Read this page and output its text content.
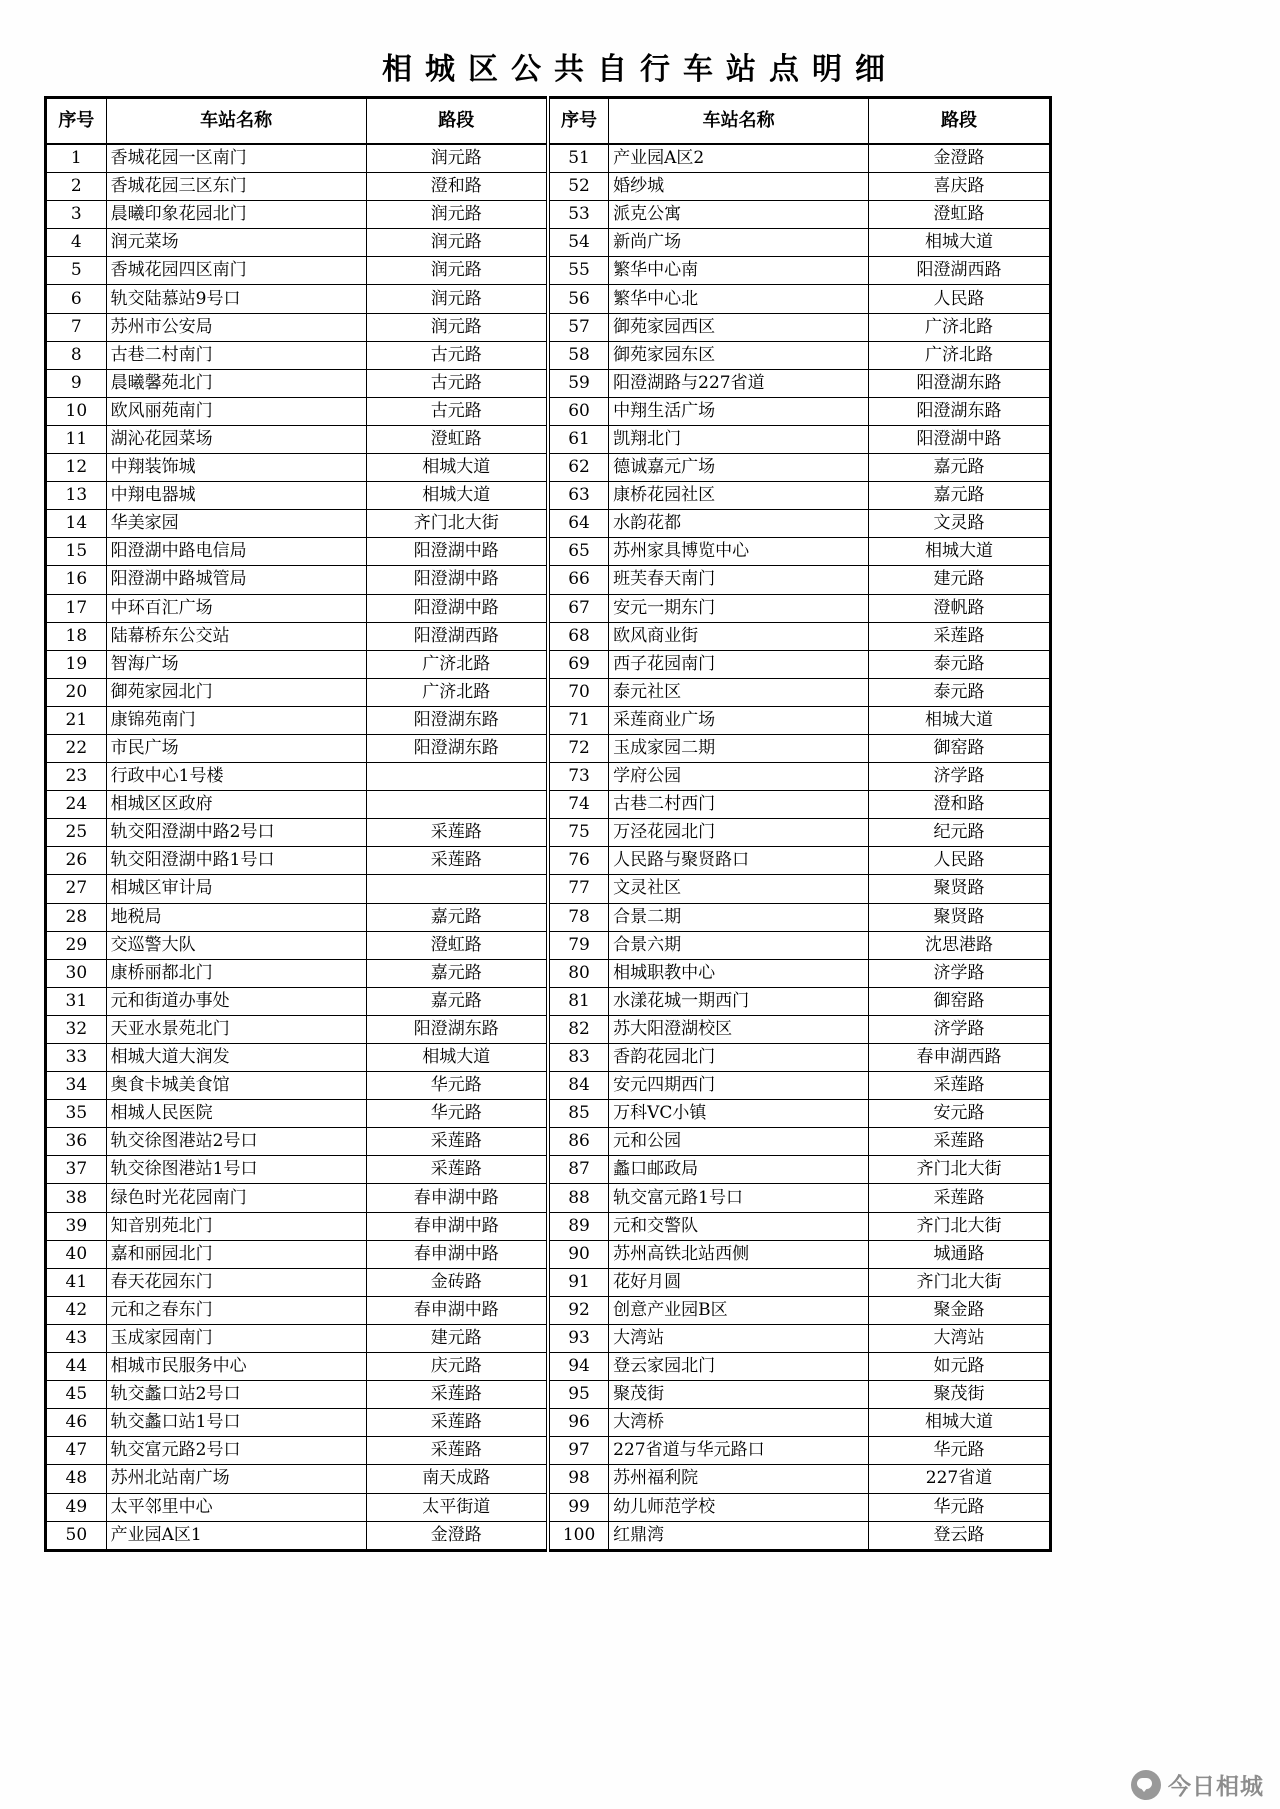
相城区公共自行车站点明细
序号	车站名称	路段	序号	车站名称	路段
1	香城花园一区南门	润元路	51	产业园A区2	金澄路
2	香城花园三区东门	澄和路	52	婚纱城	喜庆路
3	晨曦印象花园北门	润元路	53	派克公寓	澄虹路
4	润元菜场	润元路	54	新尚广场	相城大道
5	香城花园四区南门	润元路	55	繁华中心南	阳澄湖西路
6	轨交陆慕站9号口	润元路	56	繁华中心北	人民路
7	苏州市公安局	润元路	57	御苑家园西区	广济北路
8	古巷二村南门	古元路	58	御苑家园东区	广济北路
9	晨曦馨苑北门	古元路	59	阳澄湖路与227省道	阳澄湖东路
10	欧风丽苑南门	古元路	60	中翔生活广场	阳澄湖东路
11	湖沁花园菜场	澄虹路	61	凯翔北门	阳澄湖中路
12	中翔装饰城	相城大道	62	德诚嘉元广场	嘉元路
13	中翔电器城	相城大道	63	康桥花园社区	嘉元路
14	华美家园	齐门北大街	64	水韵花都	文灵路
15	阳澄湖中路电信局	阳澄湖中路	65	苏州家具博览中心	相城大道
16	阳澄湖中路城管局	阳澄湖中路	66	班芙春天南门	建元路
17	中环百汇广场	阳澄湖中路	67	安元一期东门	澄帆路
18	陆幕桥东公交站	阳澄湖西路	68	欧风商业街	采莲路
19	智海广场	广济北路	69	西子花园南门	泰元路
20	御苑家园北门	广济北路	70	泰元社区	泰元路
21	康锦苑南门	阳澄湖东路	71	采莲商业广场	相城大道
22	市民广场	阳澄湖东路	72	玉成家园二期	御窑路
23	行政中心1号楼		73	学府公园	济学路
24	相城区区政府		74	古巷二村西门	澄和路
25	轨交阳澄湖中路2号口	采莲路	75	万泾花园北门	纪元路
26	轨交阳澄湖中路1号口	采莲路	76	人民路与聚贤路口	人民路
27	相城区审计局		77	文灵社区	聚贤路
28	地税局	嘉元路	78	合景二期	聚贤路
29	交巡警大队	澄虹路	79	合景六期	沈思港路
30	康桥丽都北门	嘉元路	80	相城职教中心	济学路
31	元和街道办事处	嘉元路	81	水漾花城一期西门	御窑路
32	天亚水景苑北门	阳澄湖东路	82	苏大阳澄湖校区	济学路
33	相城大道大润发	相城大道	83	香韵花园北门	春申湖西路
34	奥食卡城美食馆	华元路	84	安元四期西门	采莲路
35	相城人民医院	华元路	85	万科VC小镇	安元路
36	轨交徐图港站2号口	采莲路	86	元和公园	采莲路
37	轨交徐图港站1号口	采莲路	87	蠡口邮政局	齐门北大街
38	绿色时光花园南门	春申湖中路	88	轨交富元路1号口	采莲路
39	知音别苑北门	春申湖中路	89	元和交警队	齐门北大街
40	嘉和丽园北门	春申湖中路	90	苏州高铁北站西侧	城通路
41	春天花园东门	金砖路	91	花好月圆	齐门北大街
42	元和之春东门	春申湖中路	92	创意产业园B区	聚金路
43	玉成家园南门	建元路	93	大湾站	大湾站
44	相城市民服务中心	庆元路	94	登云家园北门	如元路
45	轨交蠡口站2号口	采莲路	95	聚茂街	聚茂街
46	轨交蠡口站1号口	采莲路	96	大湾桥	相城大道
47	轨交富元路2号口	采莲路	97	227省道与华元路口	华元路
48	苏州北站南广场	南天成路	98	苏州福利院	227省道
49	太平邻里中心	太平街道	99	幼儿师范学校	华元路
50	产业园A区1	金澄路	100	红鼎湾	登云路
今日相城
